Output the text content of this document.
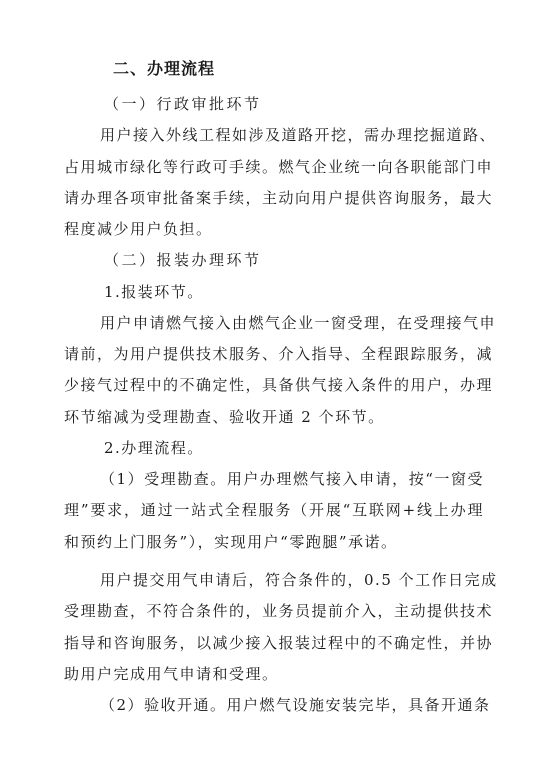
二、办理流程
（一）行政审批环节
用户接入外线工程如涉及道路开挖，需办理挖掘道路、
占用城市绿化等行政可手续。燃气企业统一向各职能部门申
请办理各项审批备案手续，主动向用户提供咨询服务，最大
程度减少用户负担。
（二）报装办理环节
1.报装环节。
用户申请燃气接入由燃气企业一窗受理，在受理接气申
请前，为用户提供技术服务、介入指导、全程跟踪服务，减
少接气过程中的不确定性，具备供气接入条件的用户，办理
环节缩减为受理勘查、验收开通 2 个环节。
2.办理流程。
（1）受理勘查。用户办理燃气接入申请，按“一窗受
理”要求，通过一站式全程服务（开展“互联网+线上办理
和预约上门服务”），实现用户“零跑腿”承诺。
用户提交用气申请后，符合条件的，0.5 个工作日完成
受理勘查，不符合条件的，业务员提前介入，主动提供技术
指导和咨询服务，以减少接入报装过程中的不确定性，并协
助用户完成用气申请和受理。
（2）验收开通。用户燃气设施安装完毕，具备开通条
